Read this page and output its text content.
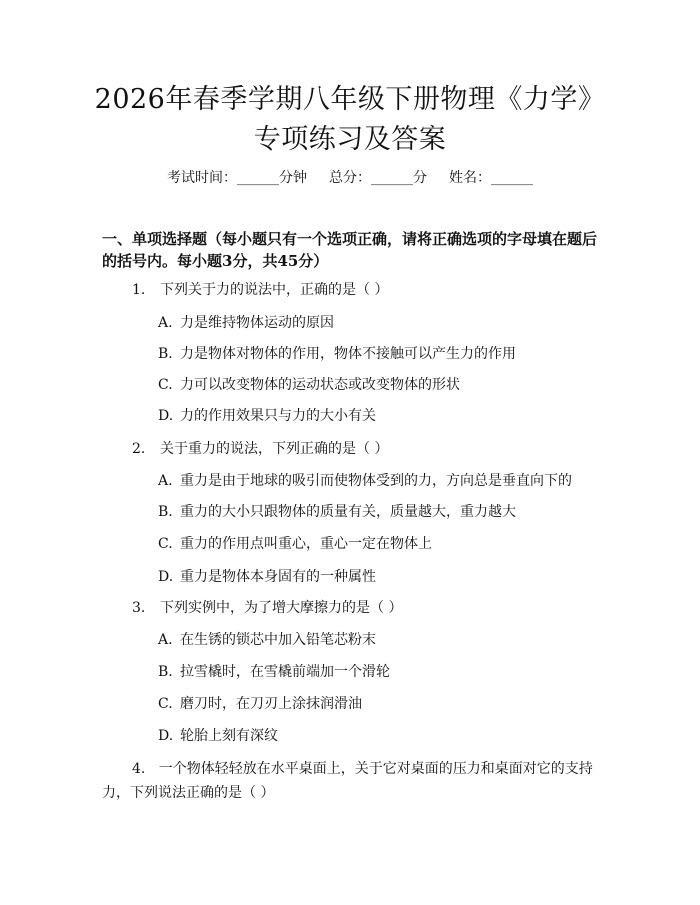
2026年春季学期八年级下册物理《力学》专项练习及答案
考试时间：______分钟 总分：______分 姓名：______
一、单项选择题（每小题只有一个选项正确，请将正确选项的字母填在题后的括号内。每小题3分，共45分）
1. 下列关于力的说法中，正确的是（ ）
A. 力是维持物体运动的原因
B. 力是物体对物体的作用，物体不接触可以产生力的作用
C. 力可以改变物体的运动状态或改变物体的形状
D. 力的作用效果只与力的大小有关
2. 关于重力的说法，下列正确的是（ ）
A. 重力是由于地球的吸引而使物体受到的力，方向总是垂直向下的
B. 重力的大小只跟物体的质量有关，质量越大，重力越大
C. 重力的作用点叫重心，重心一定在物体上
D. 重力是物体本身固有的一种属性
3. 下列实例中，为了增大摩擦力的是（ ）
A. 在生锈的锁芯中加入铅笔芯粉末
B. 拉雪橇时，在雪橇前端加一个滑轮
C. 磨刀时，在刀刃上涂抹润滑油
D. 轮胎上刻有深纹
4. 一个物体轻轻放在水平桌面上，关于它对桌面的压力和桌面对它的支持力，下列说法正确的是（ ）
